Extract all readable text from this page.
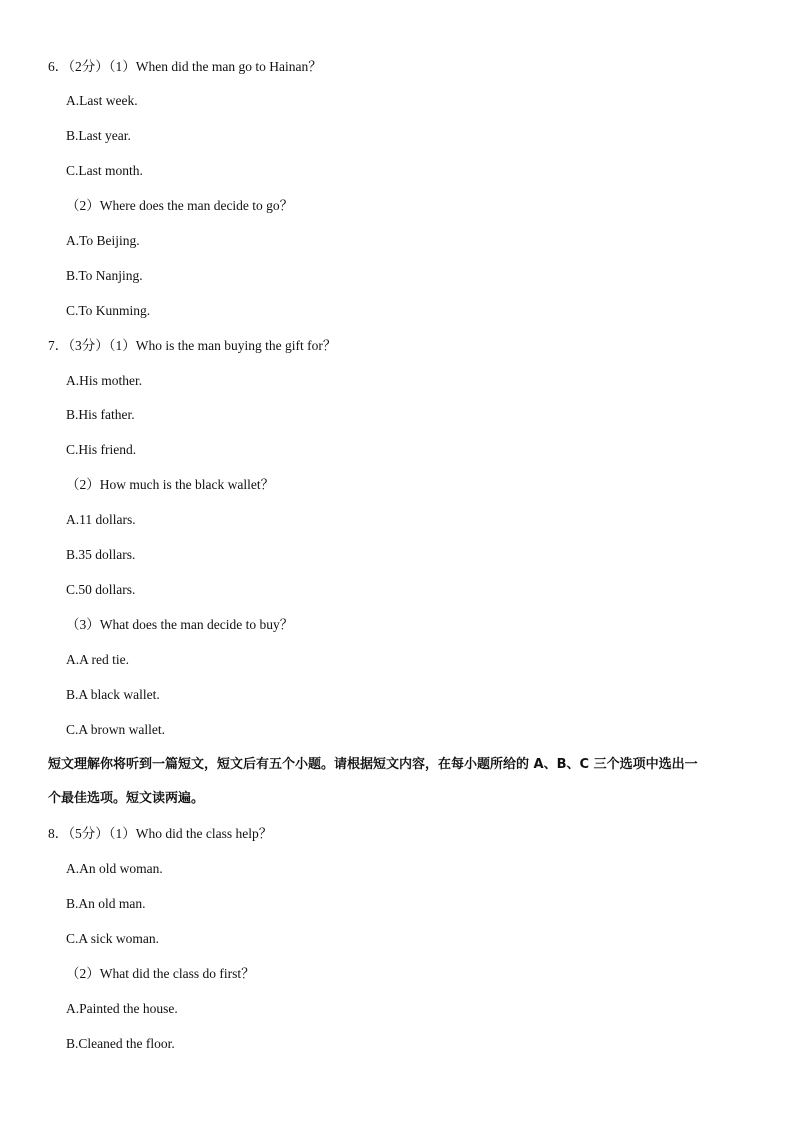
6．（2分）（1）When did the man go to Hainan？
A.Last week.
B.Last year.
C.Last month.
（2）Where does the man decide to go？
A.To Beijing.
B.To Nanjing.
C.To Kunming.
7．（3分）（1）Who is the man buying the gift for？
A.His mother.
B.His father.
C.His friend.
（2）How much is the black wallet？
A.11 dollars.
B.35 dollars.
C.50 dollars.
（3）What does the man decide to buy？
A.A red tie.
B.A black wallet.
C.A brown wallet.
短文理解你将听到一篇短文，短文后有五个小题。请根据短文内容，在每小题所给的 A、B、C 三个选项中选出一
个最佳选项。短文读两遍。
8．（5分）（1）Who did the class help？
A.An old woman.
B.An old man.
C.A sick woman.
（2）What did the class do first？
A.Painted the house.
B.Cleaned the floor.
